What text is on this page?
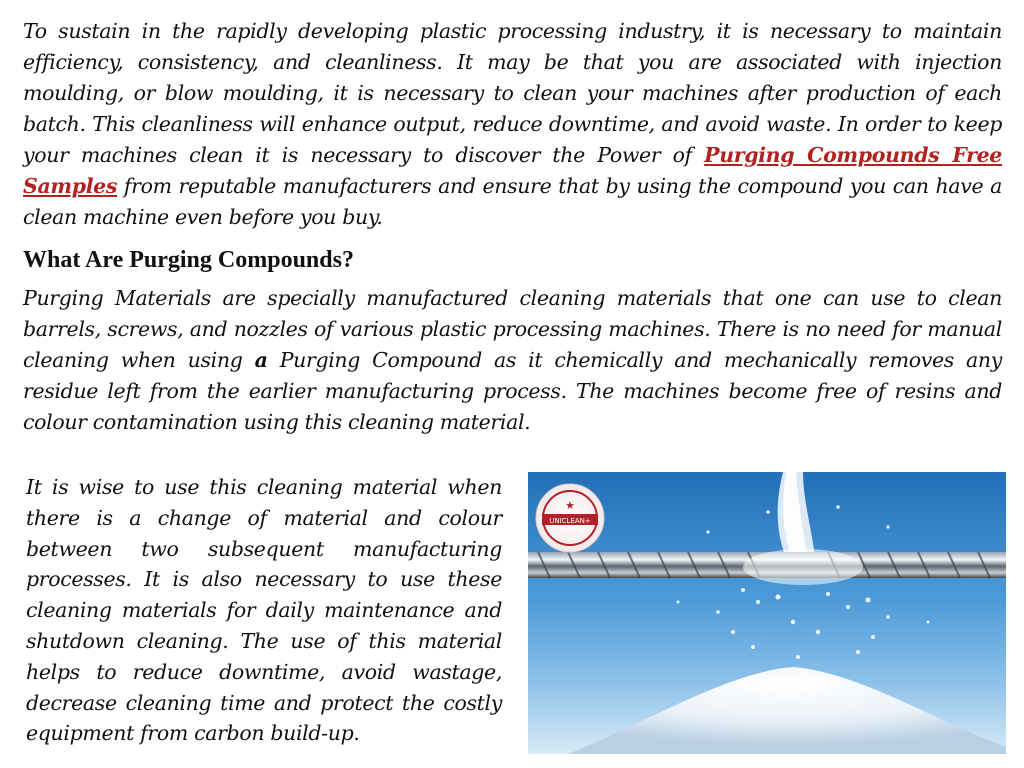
To sustain in the rapidly developing plastic processing industry, it is necessary to maintain efficiency, consistency, and cleanliness. It may be that you are associated with injection moulding, or blow moulding, it is necessary to clean your machines after production of each batch. This cleanliness will enhance output, reduce downtime, and avoid waste. In order to keep your machines clean it is necessary to discover the Power of Purging Compounds Free Samples from reputable manufacturers and ensure that by using the compound you can have a clean machine even before you buy.

What Are Purging Compounds?

Purging Materials are specially manufactured cleaning materials that one can use to clean barrels, screws, and nozzles of various plastic processing machines. There is no need for manual cleaning when using a Purging Compound as it chemically and mechanically removes any residue left from the earlier manufacturing process. The machines become free of resins and colour contamination using this cleaning material.

It is wise to use this cleaning material when there is a change of material and colour between two subsequent manufacturing processes. It is also necessary to use these cleaning materials for daily maintenance and shutdown cleaning. The use of this material helps to reduce downtime, avoid wastage, decrease cleaning time and protect the costly equipment from carbon build-up.

UNICLEAN+
★
